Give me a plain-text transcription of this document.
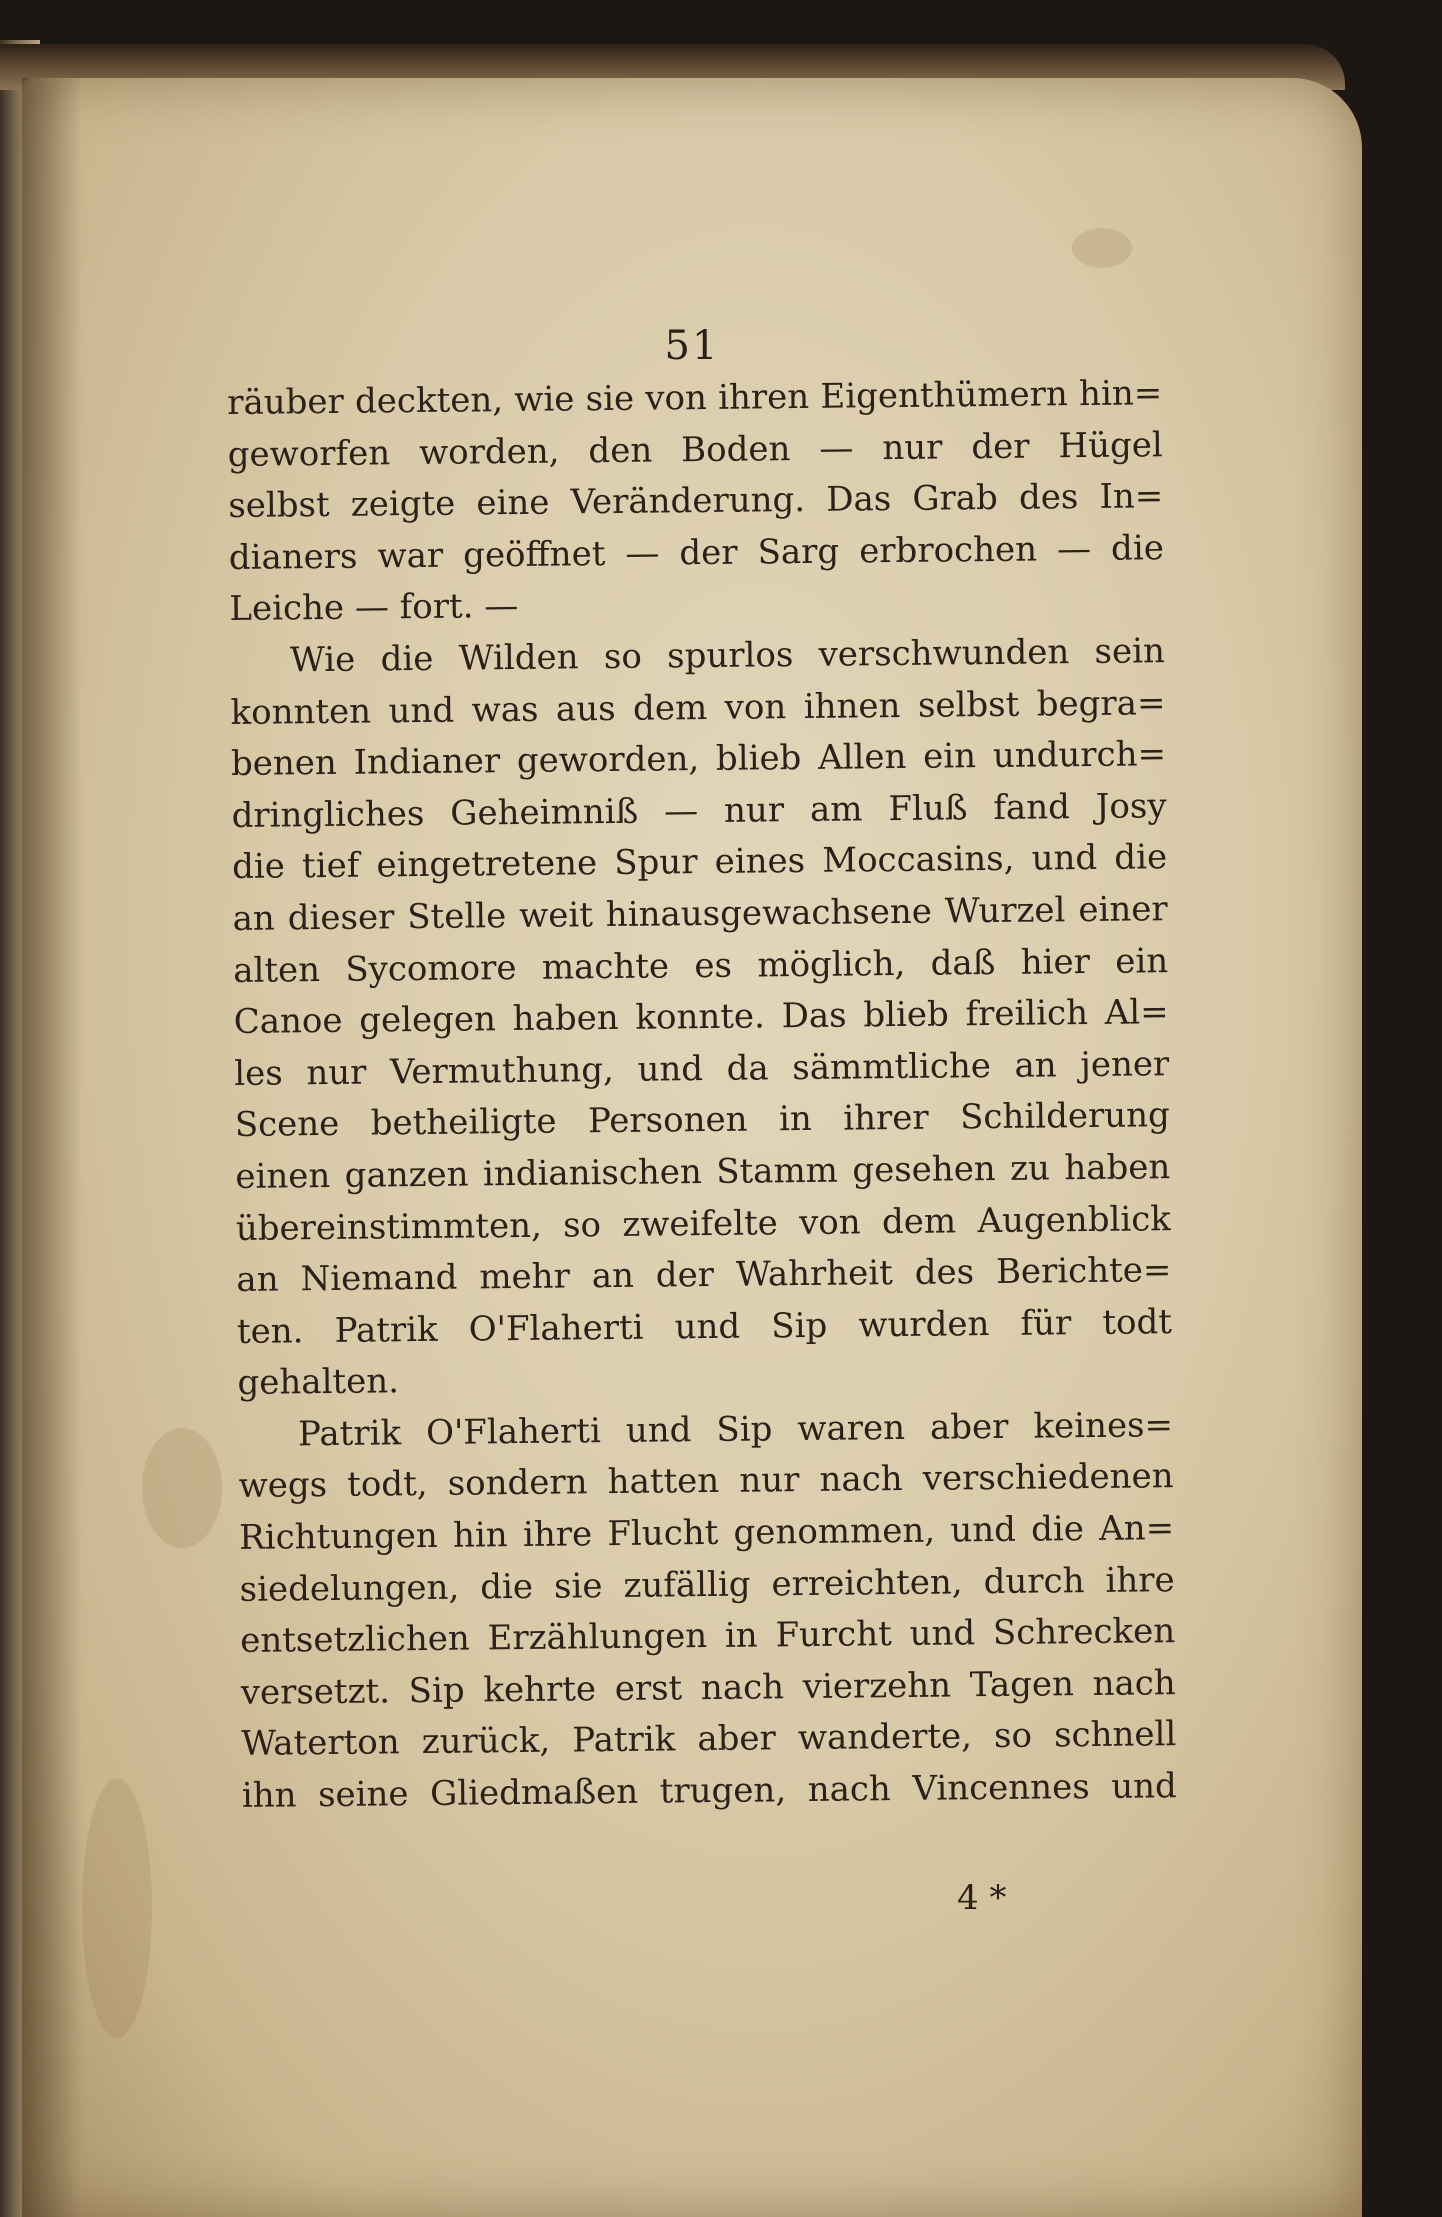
51
räuber deckten, wie sie von ihren Eigenthümern hin=
geworfen worden, den Boden — nur der Hügel
selbst zeigte eine Veränderung. Das Grab des In=
dianers war geöffnet — der Sarg erbrochen — die
Leiche — fort. —
Wie die Wilden so spurlos verschwunden sein
konnten und was aus dem von ihnen selbst begra=
benen Indianer geworden, blieb Allen ein undurch=
dringliches Geheimniß — nur am Fluß fand Josy
die tief eingetretene Spur eines Moccasins, und die
an dieser Stelle weit hinausgewachsene Wurzel einer
alten Sycomore machte es möglich, daß hier ein
Canoe gelegen haben konnte. Das blieb freilich Al=
les nur Vermuthung, und da sämmtliche an jener
Scene betheiligte Personen in ihrer Schilderung
einen ganzen indianischen Stamm gesehen zu haben
übereinstimmten, so zweifelte von dem Augenblick
an Niemand mehr an der Wahrheit des Berichte=
ten. Patrik O'Flaherti und Sip wurden für todt
gehalten.
Patrik O'Flaherti und Sip waren aber keines=
wegs todt, sondern hatten nur nach verschiedenen
Richtungen hin ihre Flucht genommen, und die An=
siedelungen, die sie zufällig erreichten, durch ihre
entsetzlichen Erzählungen in Furcht und Schrecken
versetzt. Sip kehrte erst nach vierzehn Tagen nach
Waterton zurück, Patrik aber wanderte, so schnell
ihn seine Gliedmaßen trugen, nach Vincennes und
4 *
